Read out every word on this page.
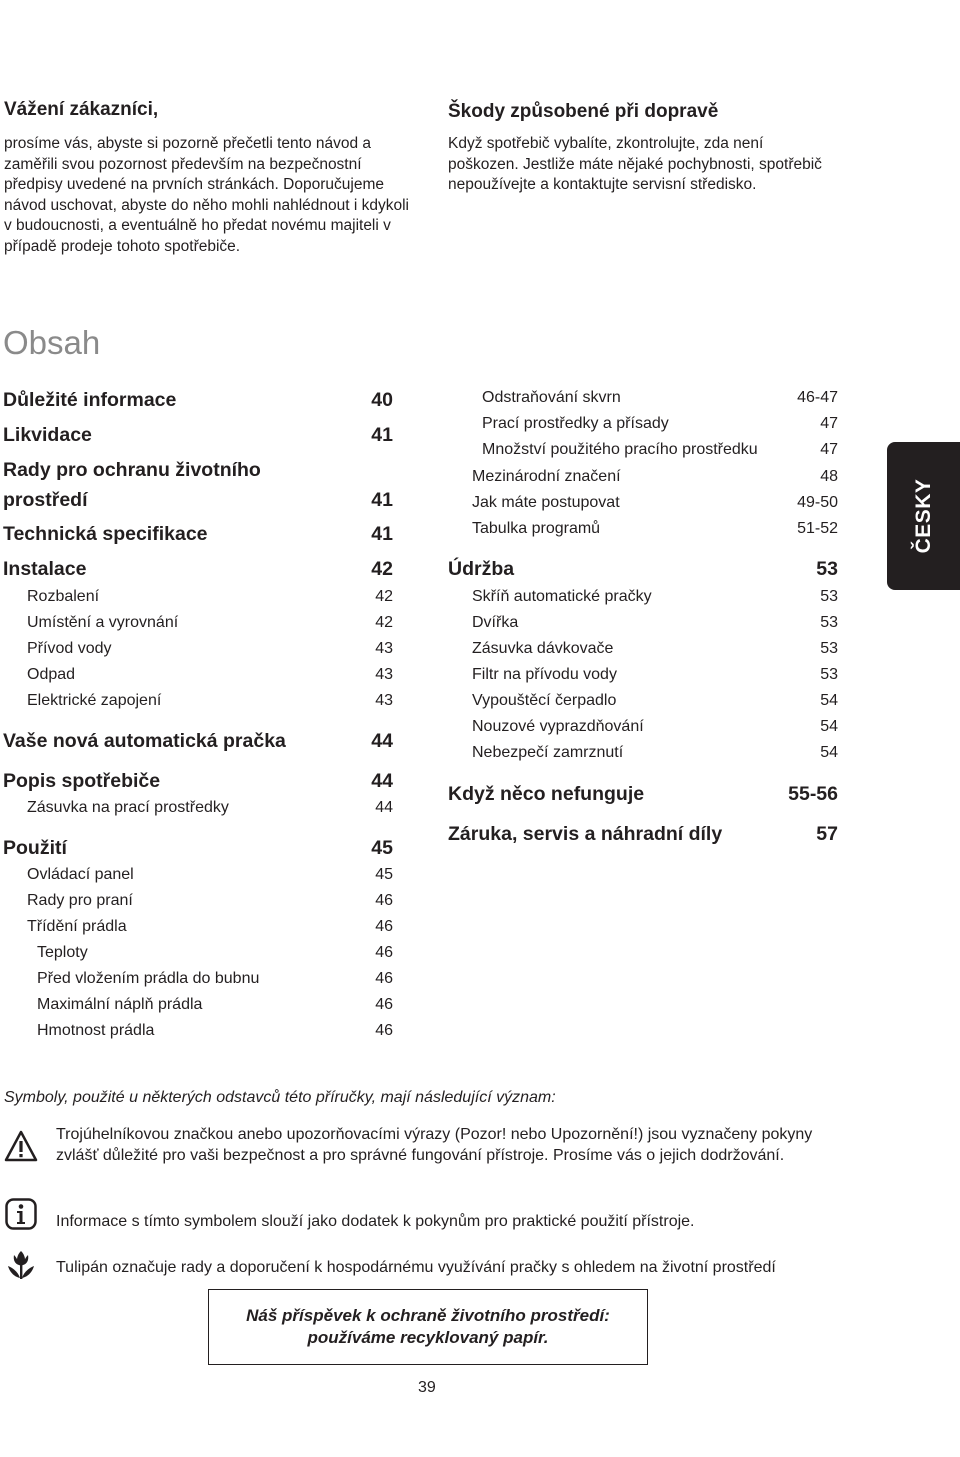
Vážení zákazníci,

prosíme vás, abyste si pozorně přečetli tento návod a zaměřili svou pozornost především na bezpečnostní předpisy uvedené na prvních stránkách. Doporučujeme návod uschovat, abyste do něho mohli nahlédnout i kdykoli v budoucnosti, a eventuálně ho předat novému majiteli v případě prodeje tohoto spotřebiče.

Škody způsobené při dopravě

Když spotřebič vybalíte, zkontrolujte, zda není poškozen. Jestliže máte nějaké pochybnosti, spotřebič nepoužívejte a kontaktujte servisní středisko.

Obsah
Důležité informace	40
Likvidace	41
Rady pro ochranu životního
prostředí	41
Technická specifikace	41
Instalace	42
Rozbalení	42
Umístění a vyrovnání	42
Přívod vody	43
Odpad	43
Elektrické zapojení	43
Vaše nová automatická pračka	44
Popis spotřebiče	44
Zásuvka na prací prostředky	44
Použití	45
Ovládací panel	45
Rady pro praní	46
Třídění prádla	46
Teploty	46
Před vložením prádla do bubnu	46
Maximální náplň prádla	46
Hmotnost prádla	46
Odstraňování skvrn	46-47
Prací prostředky a přísady	47
Množství použitého pracího prostředku	47
Mezinárodní značení	48
Jak máte postupovat	49-50
Tabulka programů	51-52
Údržba	53
Skříň automatické pračky	53
Dvířka	53
Zásuvka dávkovače	53
Filtr na přívodu vody	53
Vypouštěcí čerpadlo	54
Nouzové vyprazdňování	54
Nebezpečí zamrznutí	54
Když něco nefunguje	55-56
Záruka, servis a náhradní díly	57
ČESKY

Symboly, použité u některých odstavců této příručky, mají následující význam:

Trojúhelníkovou značkou anebo upozorňovacími výrazy (Pozor! nebo Upozornění!) jsou vyznačeny pokyny zvlášť důležité pro vaši bezpečnost a pro správné fungování přístroje. Prosíme vás o jejich dodržování.

Informace s tímto symbolem slouží jako dodatek k pokynům pro praktické použití přístroje.

Tulipán označuje rady a doporučení k hospodárnému využívání pračky s ohledem na životní prostředí

Náš příspěvek k ochraně životního prostředí:
používáme recyklovaný papír.

39
